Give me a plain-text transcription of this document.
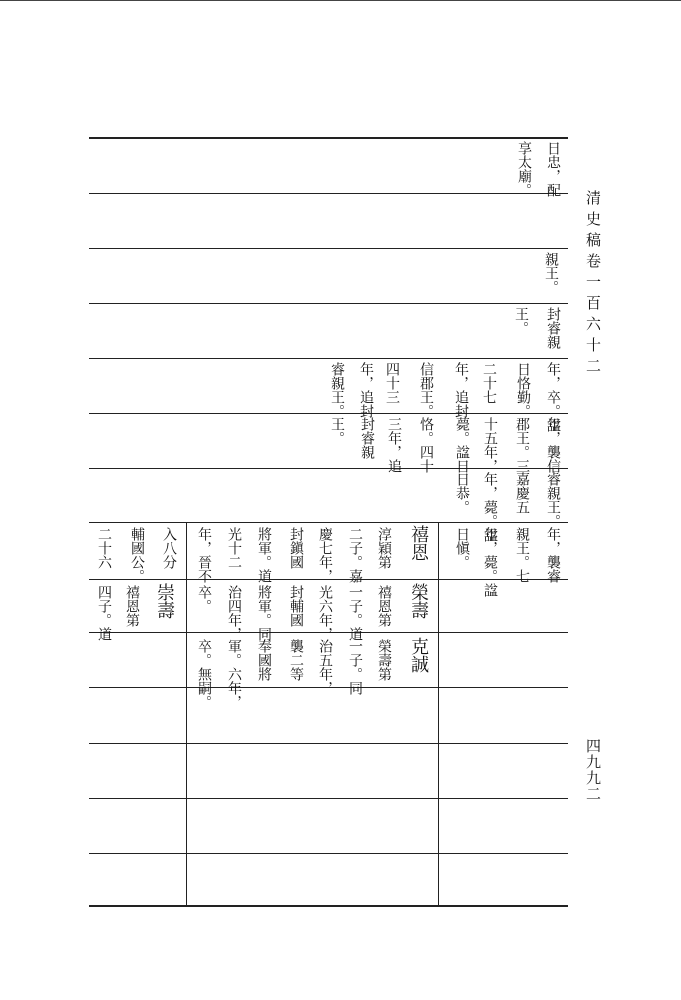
清史稿卷一百六十二
四九九二
日忠，配
享太廟。
親王。
封睿親
王。
年，卒。諡
日恪勤。
二十七
年，追封
信郡王。
四十三
年，追封
睿親王。
年，襲信
郡王。三
十五年，
薨。諡日
恪。四十
三年，追
封睿親
王。
睿親王。
嘉慶五
年，薨。諡
日恭。
年，襲睿
親王。七
年，薨。諡
日愼。
禧恩
淳穎第
二子。嘉
慶七年，
封鎭國
將軍。道
光十二
年，晉不
入八分
輔國公。
二十六
榮壽
禧恩第
一子。道
光六年，
封輔國
將軍。同
治四年，
卒。
崇壽
禧恩第
四子。道
克誠
榮壽第
一子。同
治五年，
襲二等
奉國將
軍。六年，
卒。無嗣。
